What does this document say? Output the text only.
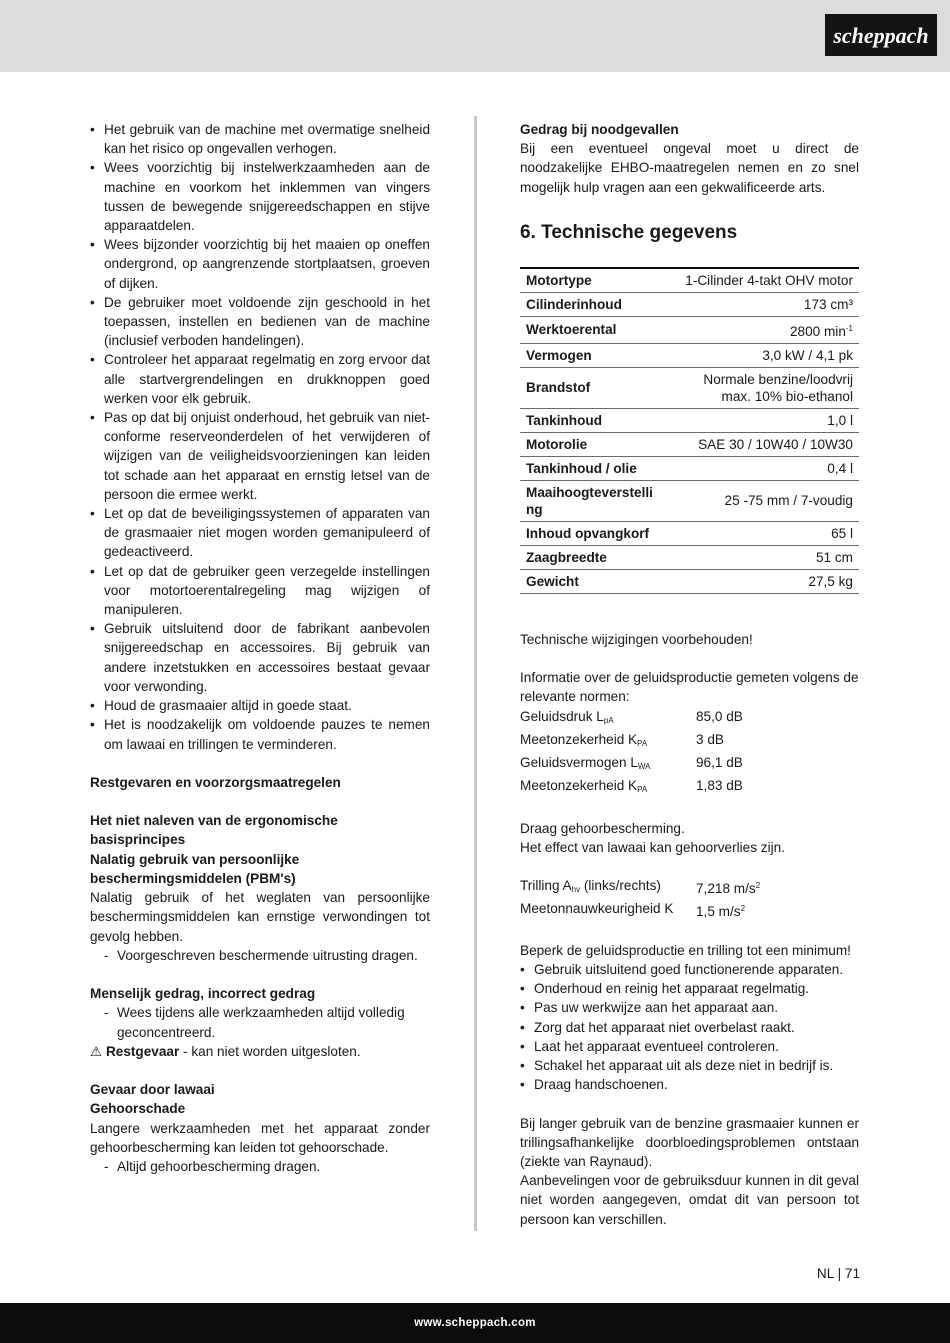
scheppach
• Het gebruik van de machine met overmatige snelheid kan het risico op ongevallen verhogen.
• Wees voorzichtig bij instelwerkzaamheden aan de machine en voorkom het inklemmen van vingers tussen de bewegende snijgereedschappen en stijve apparaatdelen.
• Wees bijzonder voorzichtig bij het maaien op oneffen ondergrond, op aangrenzende stortplaatsen, groeven of dijken.
• De gebruiker moet voldoende zijn geschoold in het toepassen, instellen en bedienen van de machine (inclusief verboden handelingen).
• Controleer het apparaat regelmatig en zorg ervoor dat alle startvergrendelingen en drukknoppen goed werken voor elk gebruik.
• Pas op dat bij onjuist onderhoud, het gebruik van niet-conforme reserveonderdelen of het verwijderen of wijzigen van de veiligheidsvoorzieningen kan leiden tot schade aan het apparaat en ernstig letsel van de persoon die ermee werkt.
• Let op dat de beveiligingssystemen of apparaten van de grasmaaier niet mogen worden gemanipuleerd of gedeactiveerd.
• Let op dat de gebruiker geen verzegelde instellingen voor motortoerentalregeling mag wijzigen of manipuleren.
• Gebruik uitsluitend door de fabrikant aanbevolen snijgereedschap en accessoires. Bij gebruik van andere inzetstukken en accessoires bestaat gevaar voor verwonding.
• Houd de grasmaaier altijd in goede staat.
• Het is noodzakelijk om voldoende pauzes te nemen om lawaai en trillingen te verminderen.
Restgevaren en voorzorgsmaatregelen
Het niet naleven van de ergonomische basisprincipes
Nalatig gebruik van persoonlijke beschermingsmiddelen (PBM's)
Nalatig gebruik of het weglaten van persoonlijke beschermingsmiddelen kan ernstige verwondingen tot gevolg hebben.
- Voorgeschreven beschermende uitrusting dragen.
Menselijk gedrag, incorrect gedrag
- Wees tijdens alle werkzaamheden altijd volledig geconcentreerd.
⚠ Restgevaar - kan niet worden uitgesloten.
Gevaar door lawaai
Gehoorschade
Langere werkzaamheden met het apparaat zonder gehoorbescherming kan leiden tot gehoorschade.
- Altijd gehoorbescherming dragen.
Gedrag bij noodgevallen
Bij een eventueel ongeval moet u direct de noodzakelijke EHBO-maatregelen nemen en zo snel mogelijk hulp vragen aan een gekwalificeerde arts.
6. Technische gegevens
Motortype	1-Cilinder 4-takt OHV motor
Cilinderinhoud	173 cm³
Werktoerental	2800 $\min^{-1}$
Vermogen	3,0 kW / 4,1 pk
Brandstof	Normale benzine/loodvrij max. 10% bio-ethanol
Tankinhoud	1,0 l
Motorolie	SAE 30 / 10W40 / 10W30
Tankinhoud / olie	0,4 l
Maaihoogteverstelling	25 -75 mm / 7-voudig
Inhoud opvangkorf	65 l
Zaagbreedte	51 cm
Gewicht	27,5 kg
Technische wijzigingen voorbehouden!
Informatie over de geluidsproductie gemeten volgens de relevante normen:
Geluidsdruk $L_{pA}$	85,0 dB
Meetonzekerheid $K_{PA}$	3 dB
Geluidsvermogen $L_{WA}$	96,1 dB
Meetonzekerheid $K_{PA}$	1,83 dB
Draag gehoorbescherming.
Het effect van lawaai kan gehoorverlies zijn.
Trilling $A_{hv}$ (links/rechts)	7,218 $m/s^2$
Meetonnauwkeurigheid K	1,5 $m/s^2$
Beperk de geluidsproductie en trilling tot een minimum!
• Gebruik uitsluitend goed functionerende apparaten.
• Onderhoud en reinig het apparaat regelmatig.
• Pas uw werkwijze aan het apparaat aan.
• Zorg dat het apparaat niet overbelast raakt.
• Laat het apparaat eventueel controleren.
• Schakel het apparaat uit als deze niet in bedrijf is.
• Draag handschoenen.
Bij langer gebruik van de benzine grasmaaier kunnen er trillingsafhankelijke doorbloedingsproblemen ontstaan (ziekte van Raynaud).
Aanbevelingen voor de gebruiksduur kunnen in dit geval niet worden aangegeven, omdat dit van persoon tot persoon kan verschillen.
NL | 71
www.scheppach.com
